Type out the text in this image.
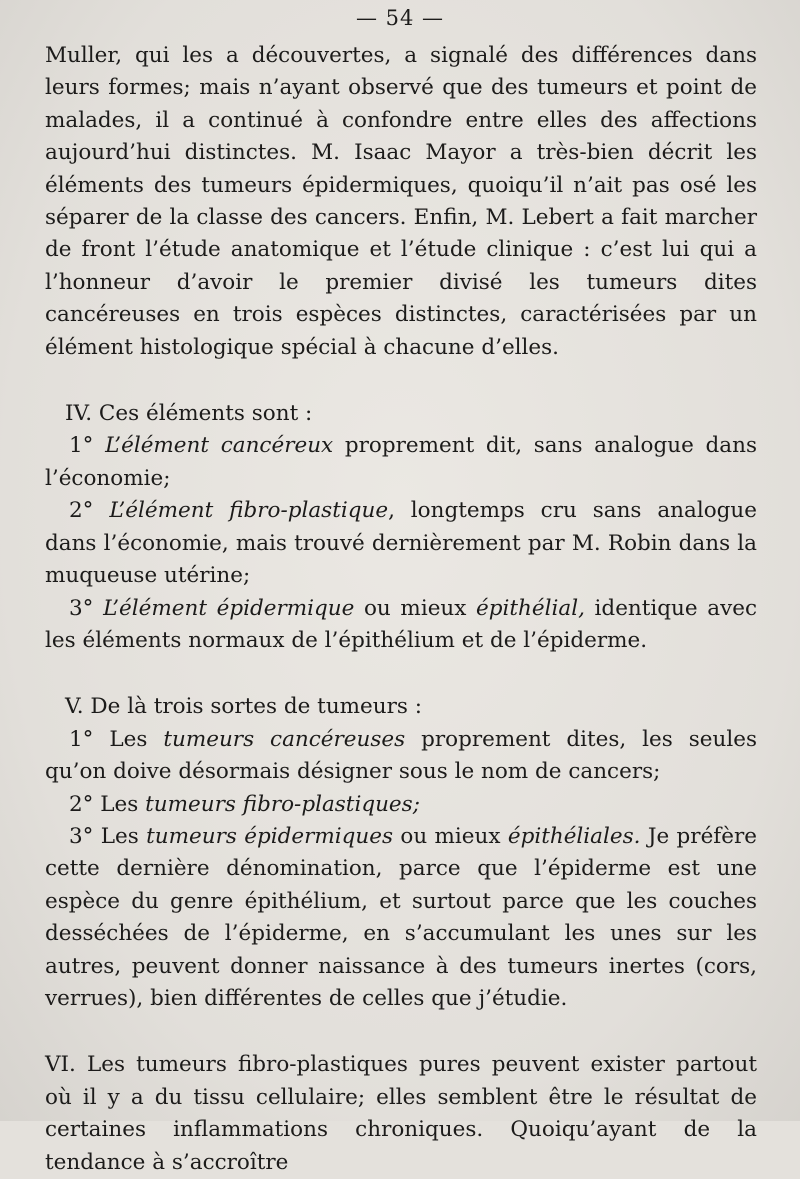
— 54 —

Muller, qui les a découvertes, a signalé des différences dans leurs formes; mais n’ayant observé que des tumeurs et point de malades, il a continué à confondre entre elles des affections aujourd’hui distinctes. M. Isaac Mayor a très-bien décrit les éléments des tumeurs épidermiques, quoiqu’il n’ait pas osé les séparer de la classe des cancers. Enfin, M. Lebert a fait marcher de front l’étude anatomique et l’étude clinique : c’est lui qui a l’honneur d’avoir le premier divisé les tumeurs dites cancéreuses en trois espèces distinctes, caractérisées par un élément histologique spécial à chacune d’elles.

IV. Ces éléments sont :

1° L’élément cancéreux proprement dit, sans analogue dans l’économie;

2° L’élément fibro-plastique, longtemps cru sans analogue dans l’économie, mais trouvé dernièrement par M. Robin dans la muqueuse utérine;

3° L’élément épidermique ou mieux épithélial, identique avec les éléments normaux de l’épithélium et de l’épiderme.

V. De là trois sortes de tumeurs :

1° Les tumeurs cancéreuses proprement dites, les seules qu’on doive désormais désigner sous le nom de cancers;

2° Les tumeurs fibro-plastiques;

3° Les tumeurs épidermiques ou mieux épithéliales. Je préfère cette dernière dénomination, parce que l’épiderme est une espèce du genre épithélium, et surtout parce que les couches desséchées de l’épiderme, en s’accumulant les unes sur les autres, peuvent donner naissance à des tumeurs inertes (cors, verrues), bien différentes de celles que j’étudie.

VI. Les tumeurs fibro-plastiques pures peuvent exister partout où il y a du tissu cellulaire; elles semblent être le résultat de certaines inflammations chroniques. Quoiqu’ayant de la tendance à s’accroître
